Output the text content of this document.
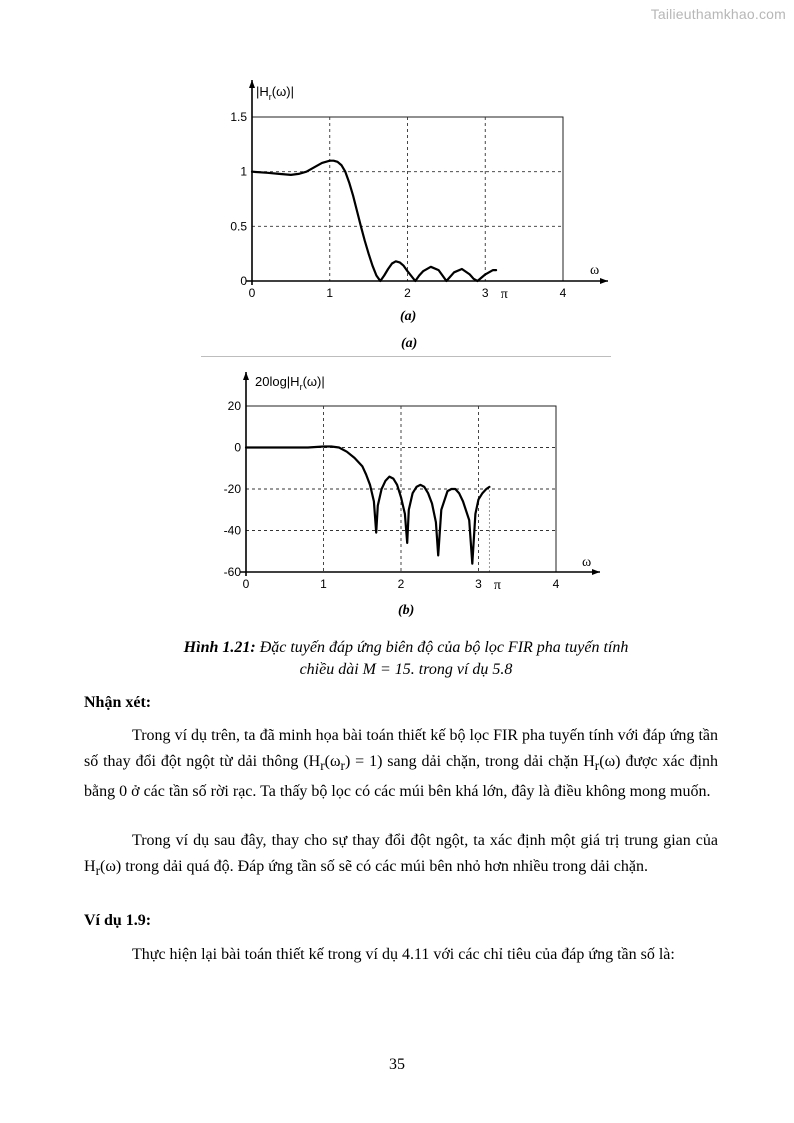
Tailieuthamkhao.com
0	1	2	3	4
π
0
0.5
1
1.5
$|H_r(\omega)|$
ω
(a)
(a)
0	1	2	3	4
π
-60
-40
-20
0
20
$20\log|H_r(\omega)|$
ω
(b)
Hình 1.21: Đặc tuyến đáp ứng biên độ của bộ lọc FIR pha tuyến tính
chiều dài M = 15. trong ví dụ 5.8
Nhận xét:
Trong ví dụ trên, ta đã minh họa bài toán thiết kế bộ lọc FIR pha tuyến tính với đáp ứng tần số thay đổi đột ngột từ dải thông $(H_r(\omega_r) = 1)$ sang dải chặn, trong dải chặn $H_r(\omega)$ được xác định bằng 0 ở các tần số rời rạc. Ta thấy bộ lọc có các múi bên khá lớn, đây là điều không mong muốn.
Trong ví dụ sau đây, thay cho sự thay đổi đột ngột, ta xác định một giá trị trung gian của $H_r(\omega)$ trong dải quá độ. Đáp ứng tần số sẽ có các múi bên nhỏ hơn nhiều trong dải chặn.
Ví dụ 1.9:
Thực hiện lại bài toán thiết kế trong ví dụ 4.11 với các chỉ tiêu của đáp ứng tần số là:
35
